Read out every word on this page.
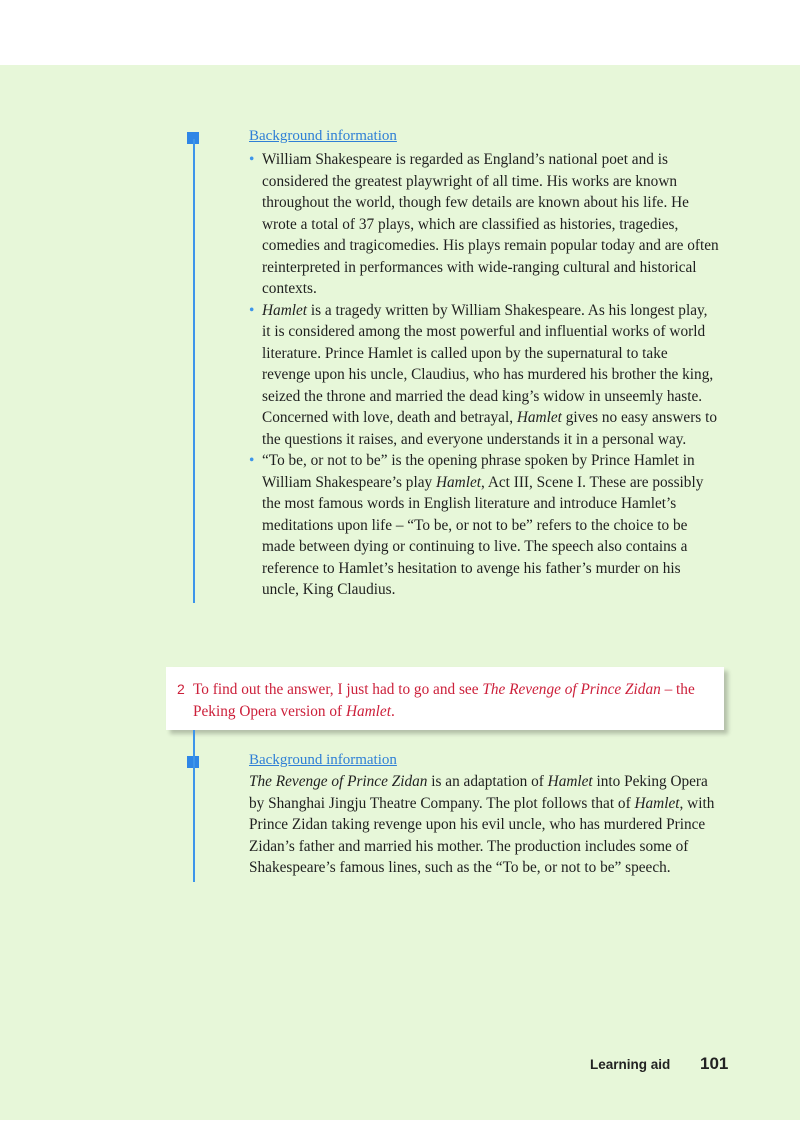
Background information

• William Shakespeare is regarded as England’s national poet and is considered the greatest playwright of all time. His works are known throughout the world, though few details are known about his life. He wrote a total of 37 plays, which are classified as histories, tragedies, comedies and tragicomedies. His plays remain popular today and are often reinterpreted in performances with wide-ranging cultural and historical contexts.
• Hamlet is a tragedy written by William Shakespeare. As his longest play, it is considered among the most powerful and influential works of world literature. Prince Hamlet is called upon by the supernatural to take revenge upon his uncle, Claudius, who has murdered his brother the king, seized the throne and married the dead king’s widow in unseemly haste. Concerned with love, death and betrayal, Hamlet gives no easy answers to the questions it raises, and everyone understands it in a personal way.
• “To be, or not to be” is the opening phrase spoken by Prince Hamlet in William Shakespeare’s play Hamlet, Act III, Scene I. These are possibly the most famous words in English literature and introduce Hamlet’s meditations upon life – “To be, or not to be” refers to the choice to be made between dying or continuing to live. The speech also contains a reference to Hamlet’s hesitation to avenge his father’s murder on his uncle, King Claudius.
2 To find out the answer, I just had to go and see The Revenge of Prince Zidan – the Peking Opera version of Hamlet.

Background information

The Revenge of Prince Zidan is an adaptation of Hamlet into Peking Opera by Shanghai Jingju Theatre Company. The plot follows that of Hamlet, with Prince Zidan taking revenge upon his evil uncle, who has murdered Prince Zidan’s father and married his mother. The production includes some of Shakespeare’s famous lines, such as the “To be, or not to be” speech.

Learning aid 101
